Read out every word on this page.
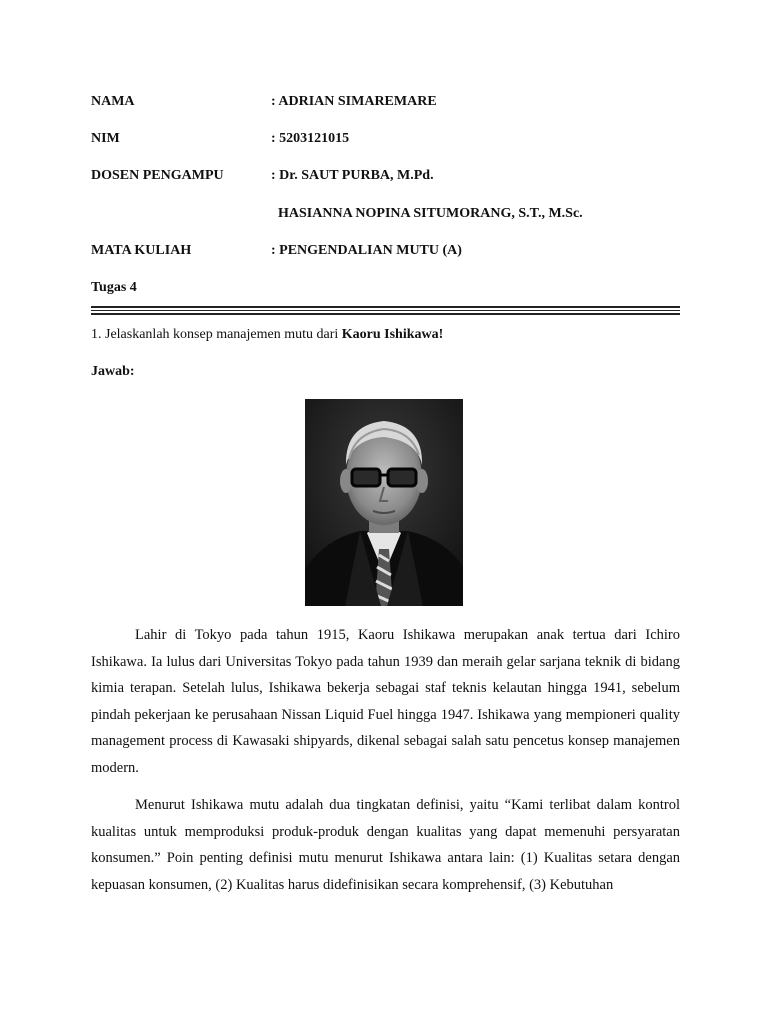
NAMA	: ADRIAN SIMAREMARE
NIM	: 5203121015
DOSEN PENGAMPU	: Dr. SAUT PURBA, M.Pd.
HASIANNA NOPINA SITUMORANG, S.T., M.Sc.
MATA KULIAH	: PENGENDALIAN MUTU (A)
Tugas 4
1. Jelaskanlah konsep manajemen mutu dari Kaoru Ishikawa!
Jawab:

Lahir di Tokyo pada tahun 1915, Kaoru Ishikawa merupakan anak tertua dari Ichiro Ishikawa. Ia lulus dari Universitas Tokyo pada tahun 1939 dan meraih gelar sarjana teknik di bidang kimia terapan. Setelah lulus, Ishikawa bekerja sebagai staf teknis kelautan hingga 1941, sebelum pindah pekerjaan ke perusahaan Nissan Liquid Fuel hingga 1947. Ishikawa yang mempioneri quality management process di Kawasaki shipyards, dikenal sebagai salah satu pencetus konsep manajemen modern.

Menurut Ishikawa mutu adalah dua tingkatan definisi, yaitu “Kami terlibat dalam kontrol kualitas untuk memproduksi produk-produk dengan kualitas yang dapat memenuhi persyaratan konsumen.” Poin penting definisi mutu menurut Ishikawa antara lain: (1) Kualitas setara dengan kepuasan konsumen, (2) Kualitas harus didefinisikan secara komprehensif, (3) Kebutuhan
